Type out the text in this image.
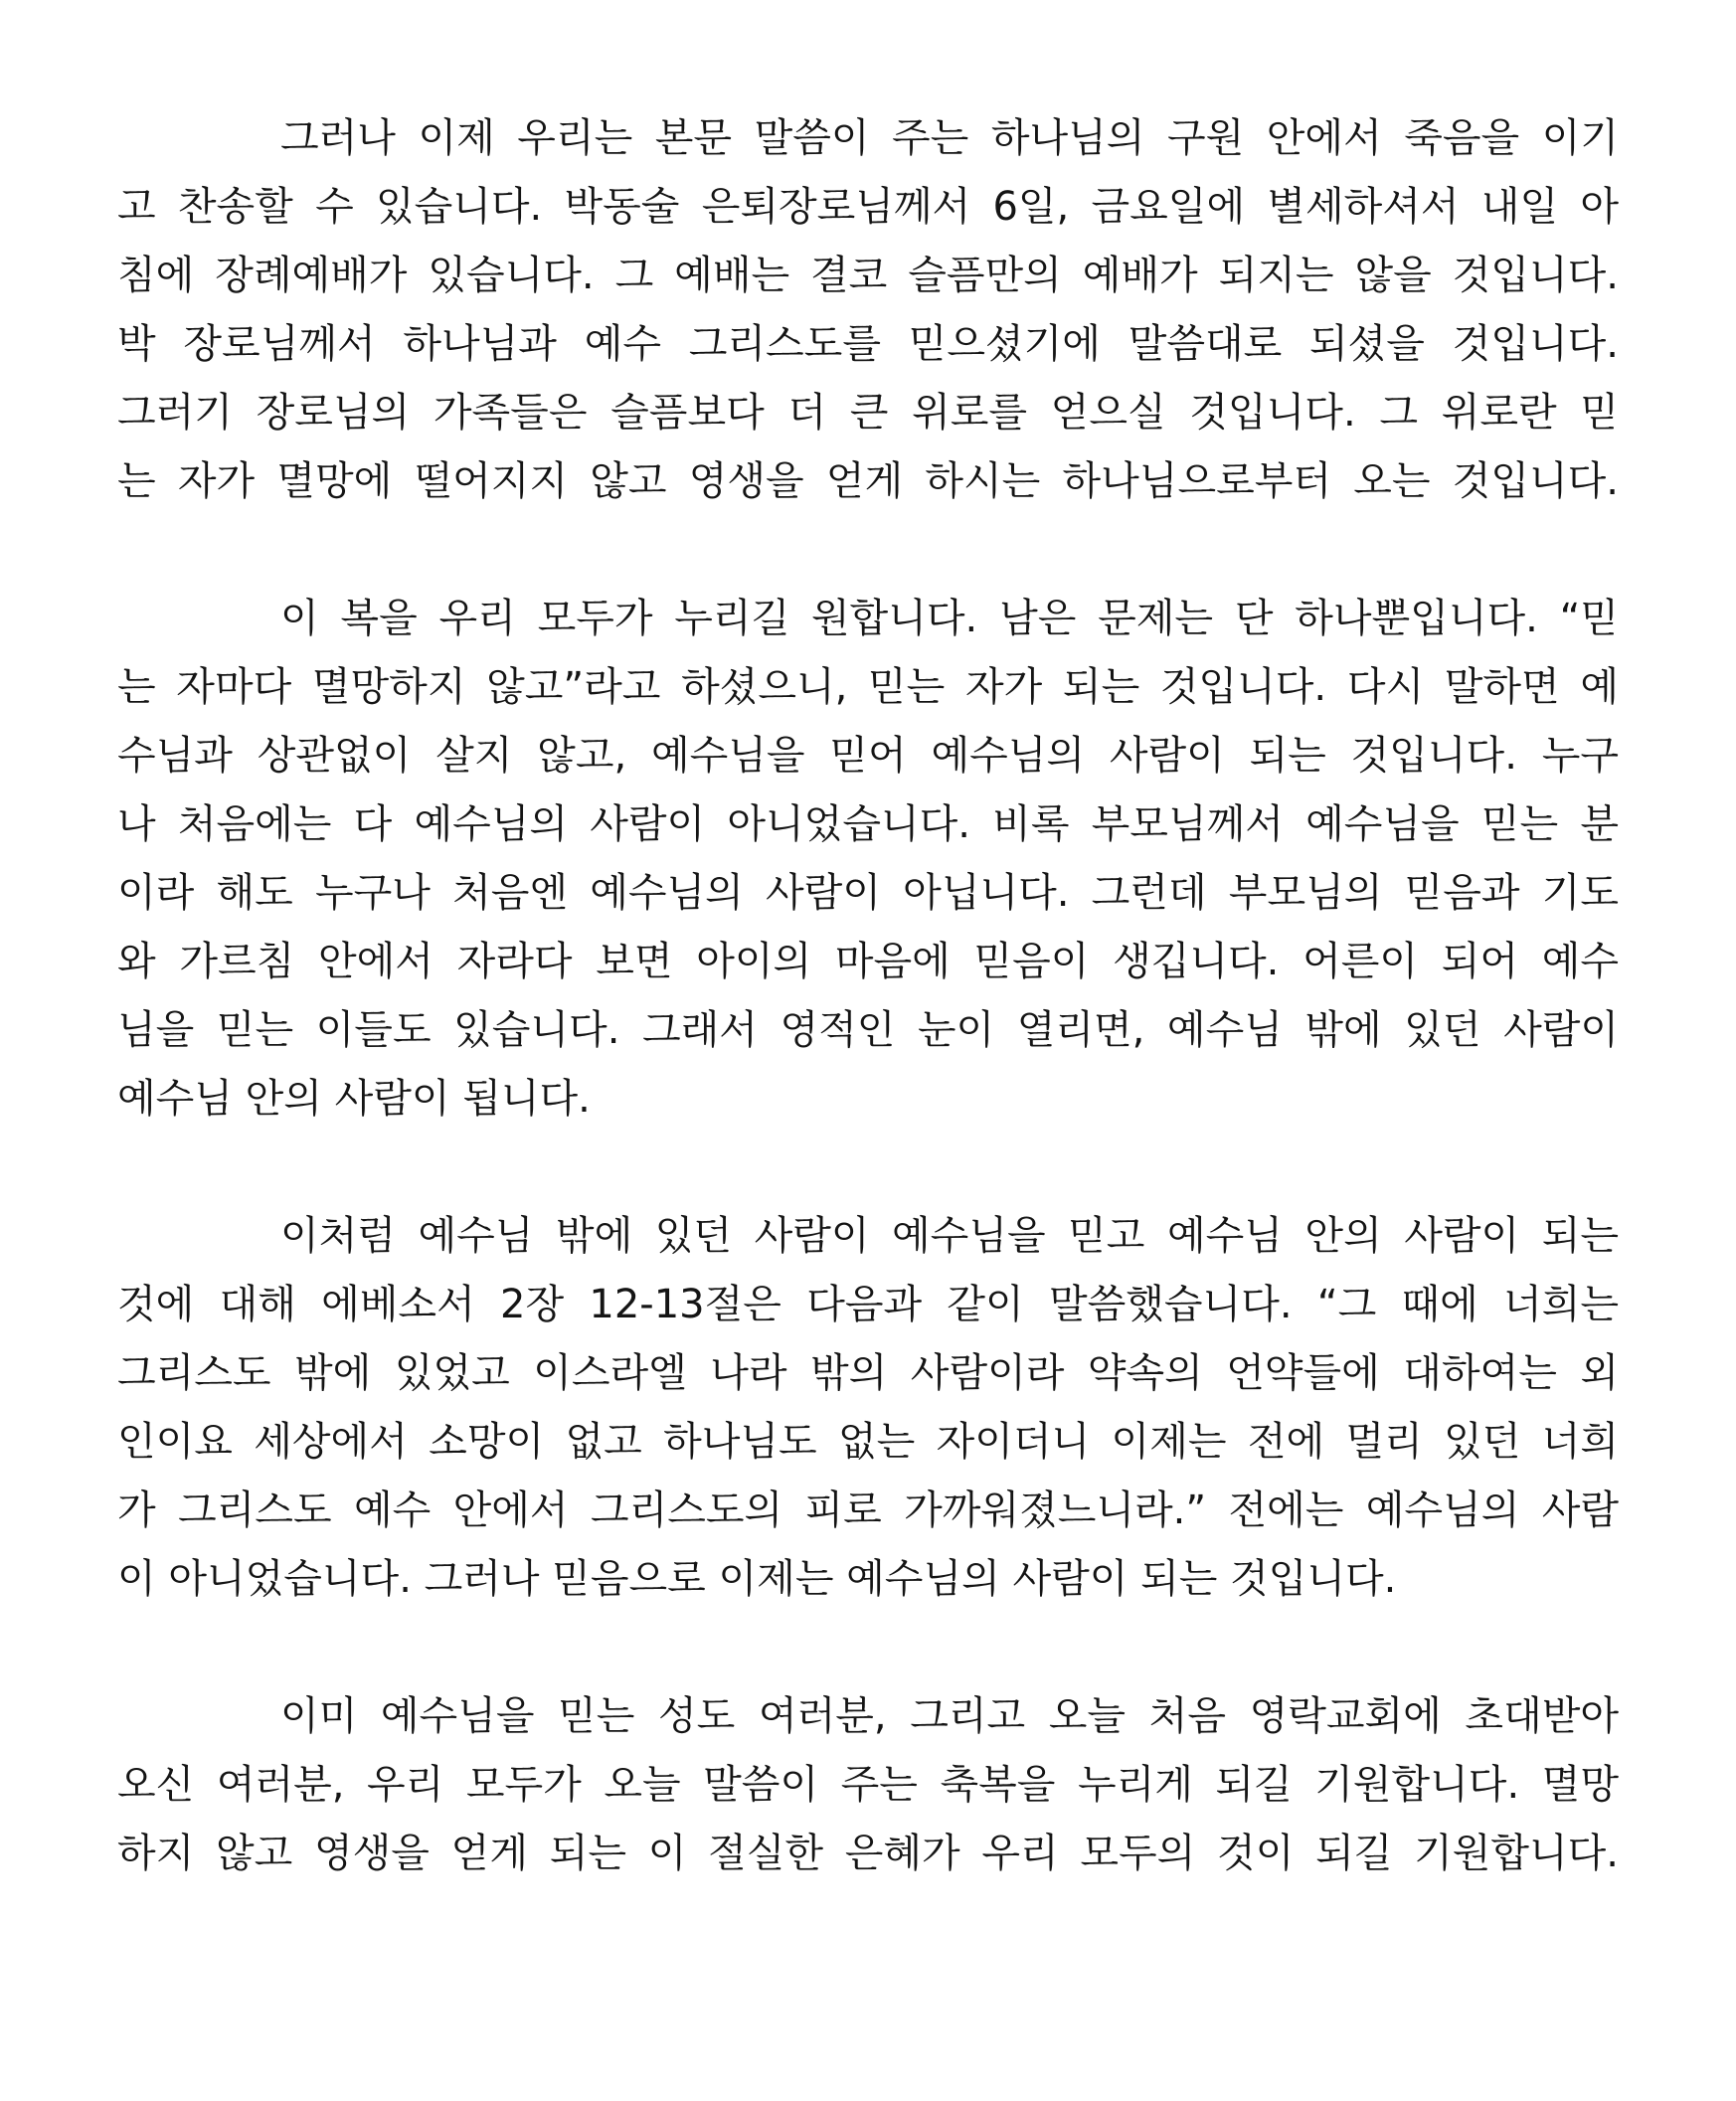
그러나 이제 우리는 본문 말씀이 주는 하나님의 구원 안에서 죽음을 이기
고 찬송할 수 있습니다. 박동술 은퇴장로님께서 6일, 금요일에 별세하셔서 내일 아
침에 장례예배가 있습니다. 그 예배는 결코 슬픔만의 예배가 되지는 않을 것입니다.
박 장로님께서 하나님과 예수 그리스도를 믿으셨기에 말씀대로 되셨을 것입니다.
그러기 장로님의 가족들은 슬픔보다 더 큰 위로를 얻으실 것입니다. 그 위로란 믿
는 자가 멸망에 떨어지지 않고 영생을 얻게 하시는 하나님으로부터 오는 것입니다.
이 복을 우리 모두가 누리길 원합니다. 남은 문제는 단 하나뿐입니다. “믿
는 자마다 멸망하지 않고”라고 하셨으니, 믿는 자가 되는 것입니다. 다시 말하면 예
수님과 상관없이 살지 않고, 예수님을 믿어 예수님의 사람이 되는 것입니다. 누구
나 처음에는 다 예수님의 사람이 아니었습니다. 비록 부모님께서 예수님을 믿는 분
이라 해도 누구나 처음엔 예수님의 사람이 아닙니다. 그런데 부모님의 믿음과 기도
와 가르침 안에서 자라다 보면 아이의 마음에 믿음이 생깁니다. 어른이 되어 예수
님을 믿는 이들도 있습니다. 그래서 영적인 눈이 열리면, 예수님 밖에 있던 사람이
예수님 안의 사람이 됩니다.
이처럼 예수님 밖에 있던 사람이 예수님을 믿고 예수님 안의 사람이 되는
것에 대해 에베소서 2장 12-13절은 다음과 같이 말씀했습니다. “그 때에 너희는
그리스도 밖에 있었고 이스라엘 나라 밖의 사람이라 약속의 언약들에 대하여는 외
인이요 세상에서 소망이 없고 하나님도 없는 자이더니 이제는 전에 멀리 있던 너희
가 그리스도 예수 안에서 그리스도의 피로 가까워졌느니라.” 전에는 예수님의 사람
이 아니었습니다. 그러나 믿음으로 이제는 예수님의 사람이 되는 것입니다.
이미 예수님을 믿는 성도 여러분, 그리고 오늘 처음 영락교회에 초대받아
오신 여러분, 우리 모두가 오늘 말씀이 주는 축복을 누리게 되길 기원합니다. 멸망
하지 않고 영생을 얻게 되는 이 절실한 은혜가 우리 모두의 것이 되길 기원합니다.
